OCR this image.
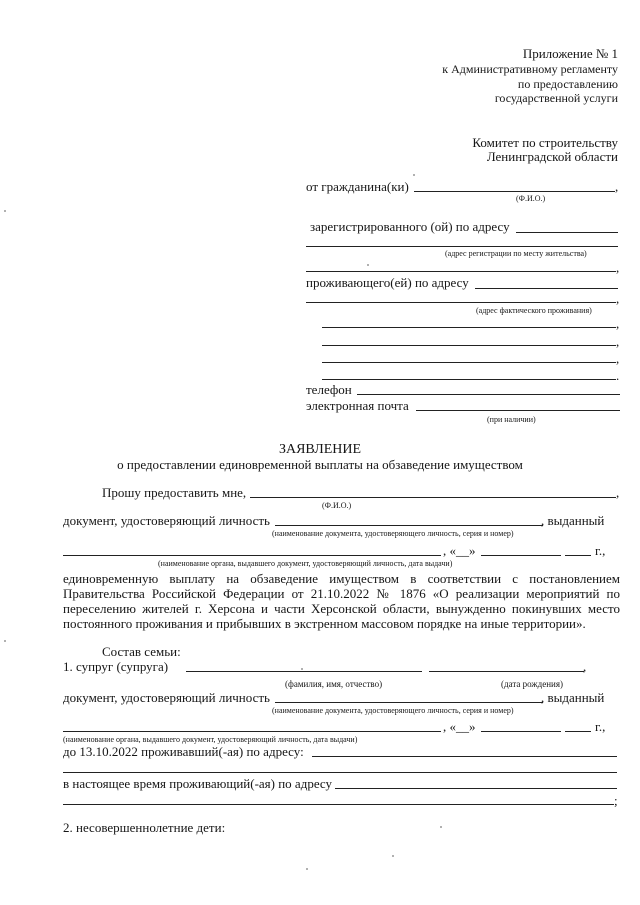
Приложение № 1
к Административному регламенту
по предоставлению
государственной услуги
Комитет по строительству
Ленинградской области
от гражданина(ки)	,
(Ф.И.О.)
зарегистрированного (ой) по адресу
(адрес регистрации по месту жительства)
,
проживающего(ей) по адресу
,
(адрес фактического проживания)
,
,
,
.
телефон
электронная почта
(при наличии)
ЗАЯВЛЕНИЕ
о предоставлении единовременной выплаты на обзаведение имуществом
Прошу предоставить мне,	,
(Ф.И.О.)
документ, удостоверяющий личность	, выданный
(наименование документа, удостоверяющего личность, серия и номер)
, «__»	г.,
(наименование органа, выдавшего документ, удостоверяющий личность, дата выдачи)
единовременную выплату на обзаведение имуществом в соответствии с постановлением
Правительства Российской Федерации от 21.10.2022 № 1876 «О реализации мероприятий по
переселению жителей г. Херсона и части Херсонской области, вынужденно покинувших место
постоянного проживания и прибывших в экстренном массовом порядке на иные территории».
Состав семьи:
1. супруг (супруга)	,
(фамилия, имя, отчество)	(дата рождения)
документ, удостоверяющий личность	, выданный
(наименование документа, удостоверяющего личность, серия и номер)
, «__»	г.,
(наименование органа, выдавшего документ, удостоверяющий личность, дата выдачи)
до 13.10.2022 проживавший(-ая) по адресу:
в настоящее время проживающий(-ая) по адресу
;
2. несовершеннолетние дети:
